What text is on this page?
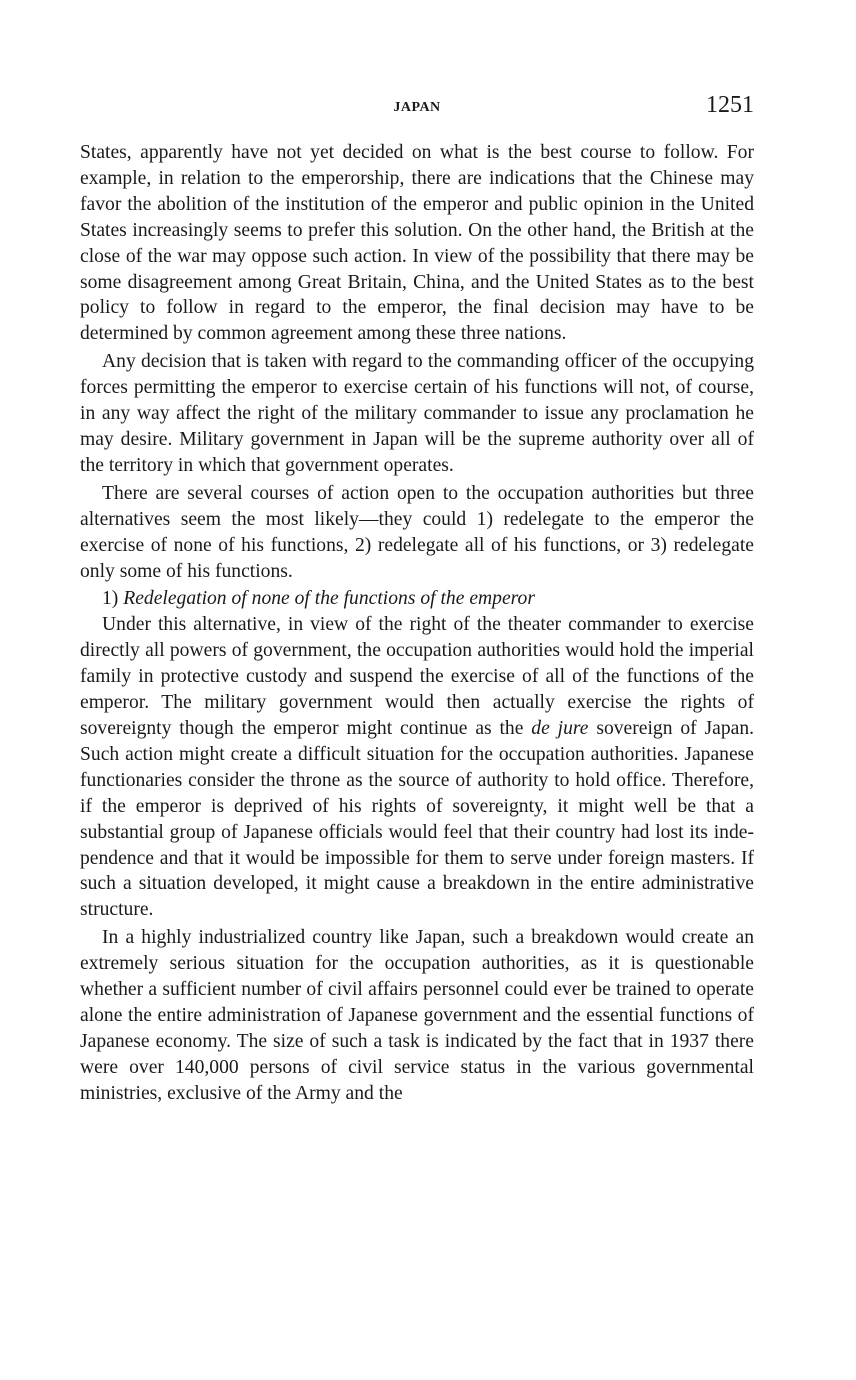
JAPAN	1251

States, apparently have not yet decided on what is the best course to follow. For example, in relation to the emperorship, there are indications that the Chinese may favor the abolition of the institution of the emperor and public opinion in the United States increasingly seems to prefer this solution. On the other hand, the British at the close of the war may oppose such action. In view of the possibility that there may be some disagreement among Great Britain, China, and the United States as to the best policy to follow in regard to the emperor, the final decision may have to be determined by common agreement among these three nations.

Any decision that is taken with regard to the commanding officer of the occupying forces permitting the emperor to exercise certain of his functions will not, of course, in any way affect the right of the military commander to issue any proclamation he may desire. Military government in Japan will be the supreme authority over all of the territory in which that government operates.

There are several courses of action open to the occupation authorities but three alternatives seem the most likely—they could 1) redelegate to the emperor the exercise of none of his functions, 2) redelegate all of his functions, or 3) redelegate only some of his functions.

1) Redelegation of none of the functions of the emperor

Under this alternative, in view of the right of the theater commander to exercise directly all powers of government, the occupation authorities would hold the imperial family in protective custody and suspend the exercise of all of the functions of the emperor. The military government would then actually exercise the rights of sovereignty though the emperor might continue as the de jure sovereign of Japan. Such action might create a difficult situation for the occupation authorities. Japanese functionaries consider the throne as the source of authority to hold office. Therefore, if the emperor is deprived of his rights of sovereignty, it might well be that a substantial group of Japanese officials would feel that their country had lost its independence and that it would be impossible for them to serve under foreign masters. If such a situation developed, it might cause a breakdown in the entire administrative structure.

In a highly industrialized country like Japan, such a breakdown would create an extremely serious situation for the occupation authorities, as it is questionable whether a sufficient number of civil affairs personnel could ever be trained to operate alone the entire administration of Japanese government and the essential functions of Japanese economy. The size of such a task is indicated by the fact that in 1937 there were over 140,000 persons of civil service status in the various governmental ministries, exclusive of the Army and the
